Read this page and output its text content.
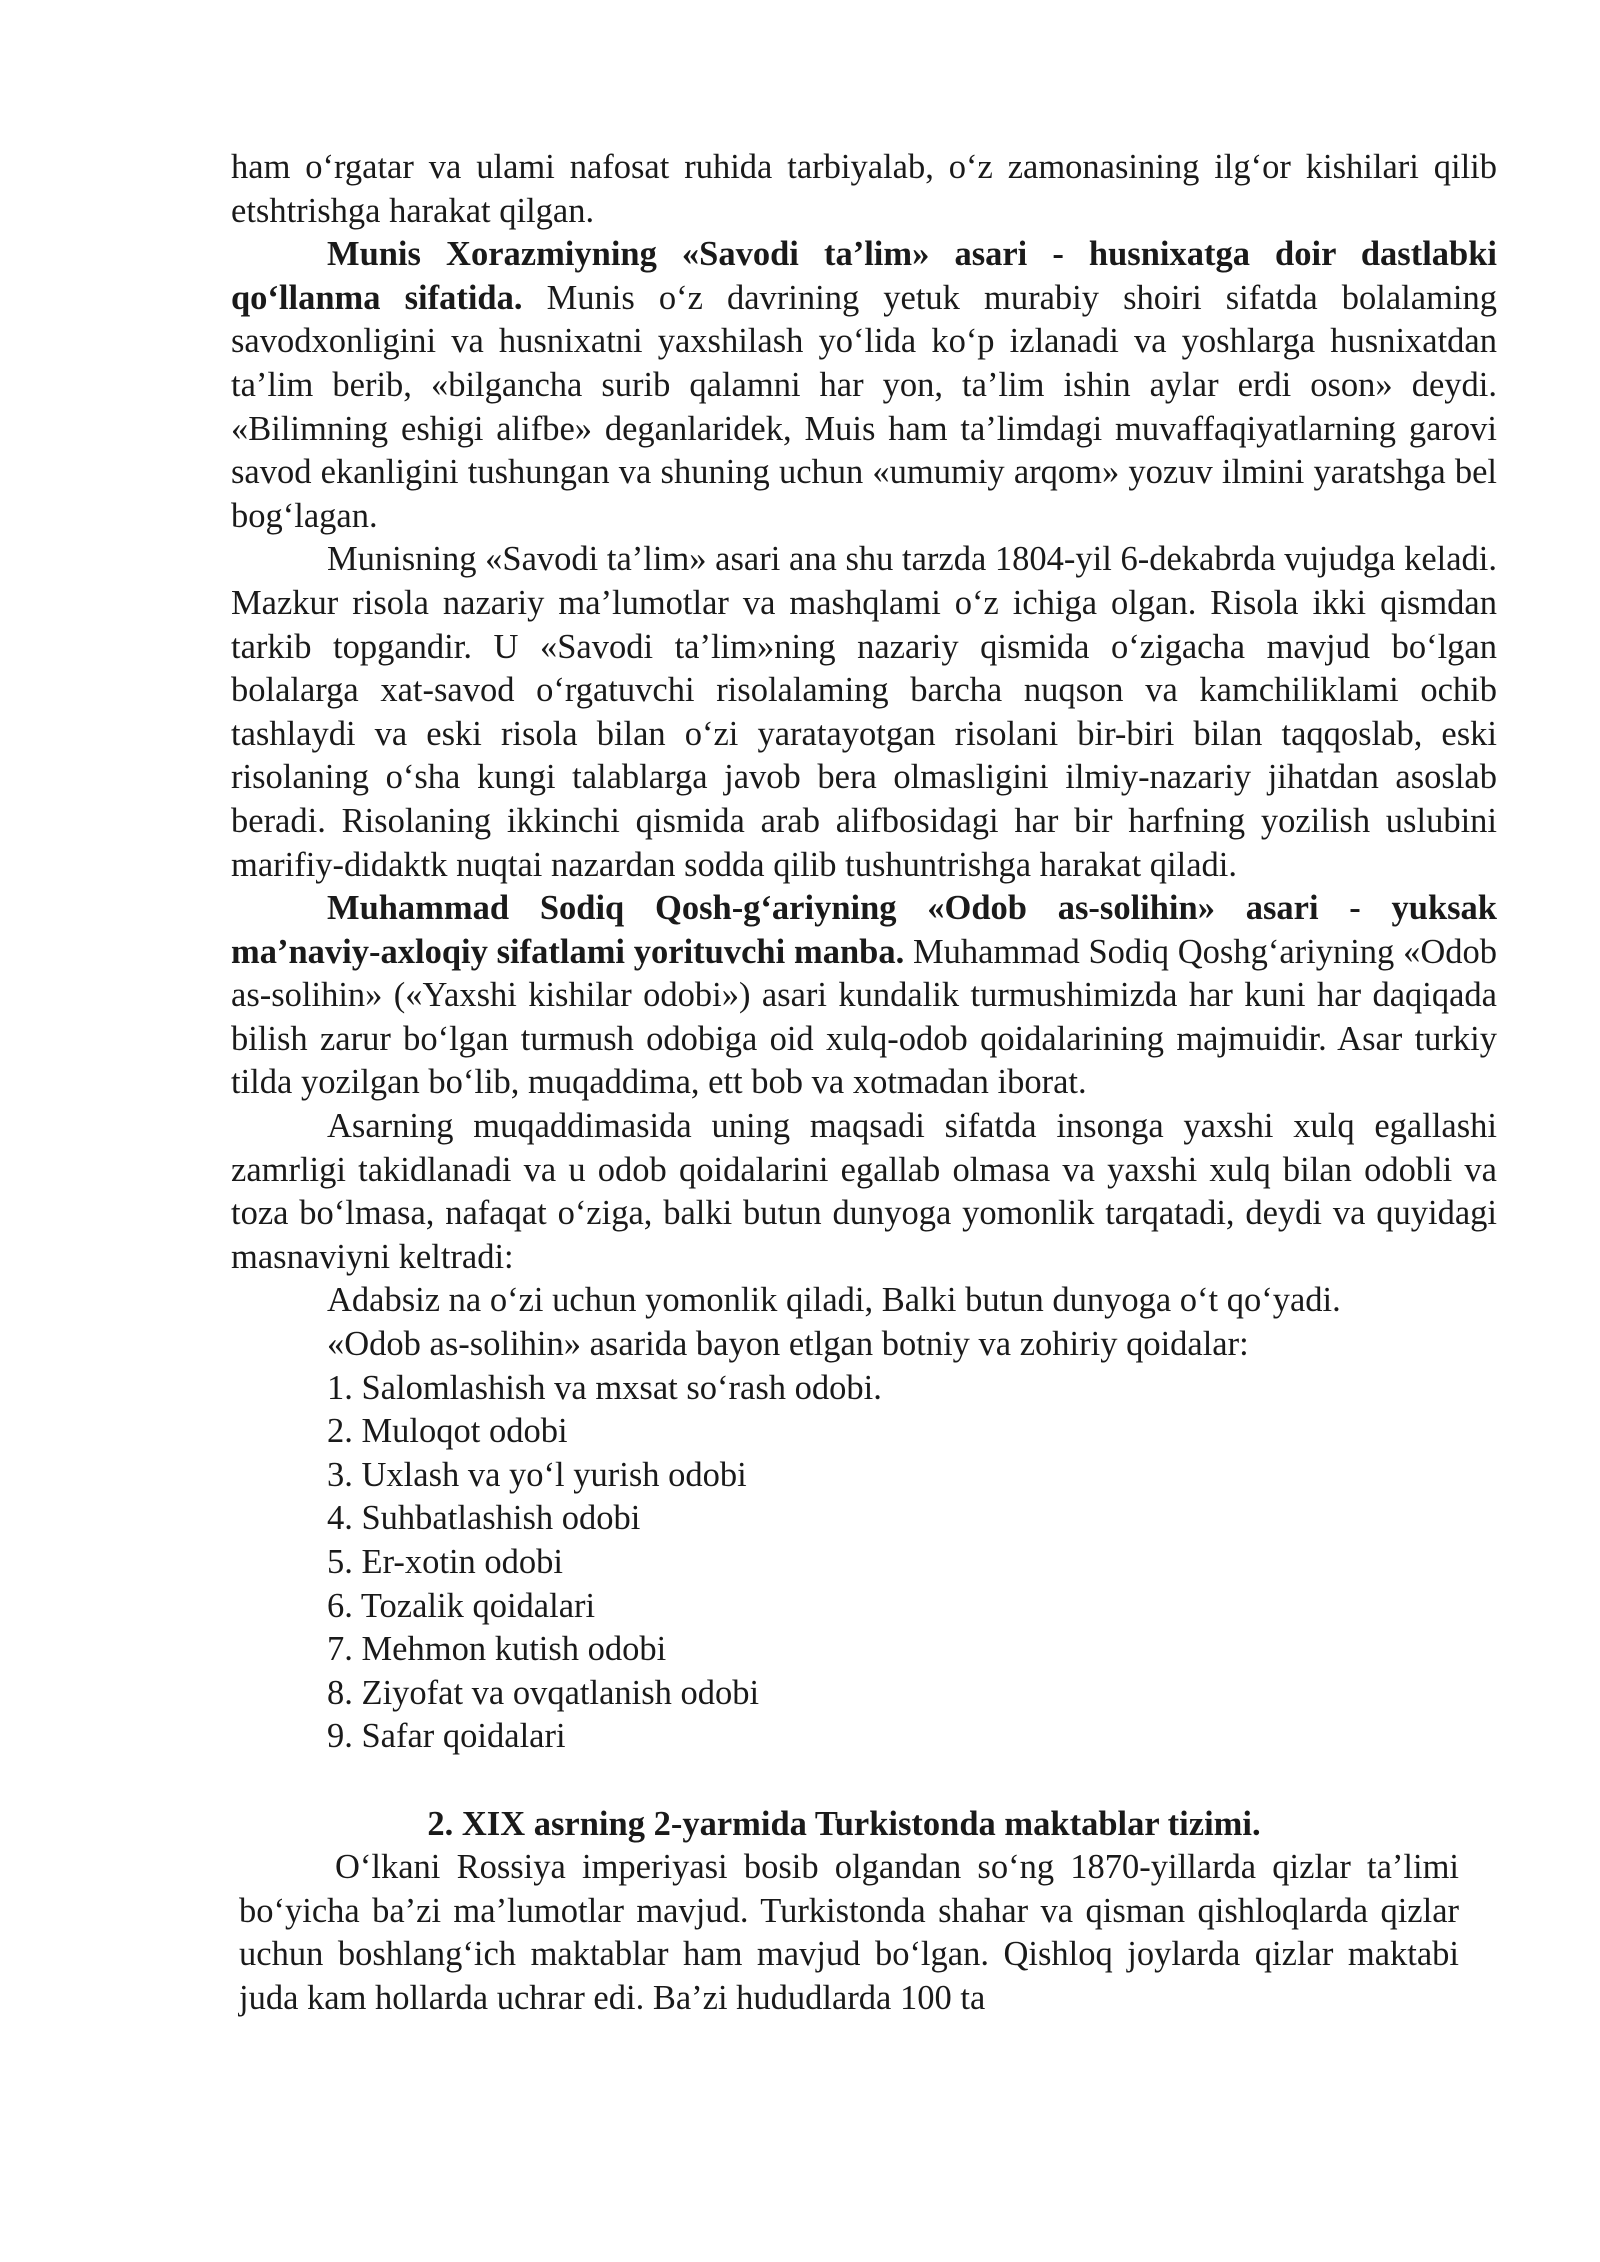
ham o‘rgatar va ulami nafosat ruhida tarbiyalab, o‘z zamonasining ilg‘or kishilari qilib etshtrishga harakat qilgan.

Munis Xorazmiyning «Savodi ta’lim» asari - husnixatga doir dastlabki qo‘llanma sifatida. Munis o‘z davrining yetuk murabiy shoiri sifatda bolalaming savodxonligini va husnixatni yaxshilash yo‘lida ko‘p izlanadi va yoshlarga husnixatdan ta’lim berib, «bilgancha surib qalamni har yon, ta’lim ishin aylar erdi oson» deydi. «Bilimning eshigi alifbe» deganlaridek, Muis ham ta’limdagi muvaffaqiyatlarning garovi savod ekanligini tushungan va shuning uchun «umumiy arqom» yozuv ilmini yaratshga bel bog‘lagan.

Munisning «Savodi ta’lim» asari ana shu tarzda 1804-yil 6-dekabrda vujudga keladi. Mazkur risola nazariy ma’lumotlar va mashqlami o‘z ichiga olgan. Risola ikki qismdan tarkib topgandir. U «Savodi ta’lim»ning nazariy qismida o‘zigacha mavjud bo‘lgan bolalarga xat-savod o‘rgatuvchi risolalaming barcha nuqson va kamchiliklami ochib tashlaydi va eski risola bilan o‘zi yaratayotgan risolani bir-biri bilan taqqoslab, eski risolaning o‘sha kungi talablarga javob bera olmasligini ilmiy-nazariy jihatdan asoslab beradi. Risolaning ikkinchi qismida arab alifbosidagi har bir harfning yozilish uslubini marifiy-didaktk nuqtai nazardan sodda qilib tushuntrishga harakat qiladi.

Muhammad Sodiq Qosh-g‘ariyning «Odob as-solihin» asari - yuksak ma’naviy-axloqiy sifatlami yorituvchi manba. Muhammad Sodiq Qoshg‘ariyning «Odob as-solihin» («Yaxshi kishilar odobi») asari kundalik turmushimizda har kuni har daqiqada bilish zarur bo‘lgan turmush odobiga oid xulq-odob qoidalarining majmuidir. Asar turkiy tilda yozilgan bo‘lib, muqaddima, ett bob va xotmadan iborat.

Asarning muqaddimasida uning maqsadi sifatda insonga yaxshi xulq egallashi zamrligi takidlanadi va u odob qoidalarini egallab olmasa va yaxshi xulq bilan odobli va toza bo‘lmasa, nafaqat o‘ziga, balki butun dunyoga yomonlik tarqatadi, deydi va quyidagi masnaviyni keltradi:

Adabsiz na o‘zi uchun yomonlik qiladi, Balki butun dunyoga o‘t qo‘yadi.

«Odob as-solihin» asarida bayon etlgan botniy va zohiriy qoidalar:

1. Salomlashish va mxsat so‘rash odobi.

2. Muloqot odobi

3. Uxlash va yo‘l yurish odobi

4. Suhbatlashish odobi

5. Er-xotin odobi

6. Tozalik qoidalari

7. Mehmon kutish odobi

8. Ziyofat va ovqatlanish odobi

9. Safar qoidalari

2. XIX asrning 2-yarmida Turkistonda maktablar tizimi.

O‘lkani Rossiya imperiyasi bosib olgandan so‘ng 1870-yillarda qizlar ta’limi bo‘yicha ba’zi ma’lumotlar mavjud. Turkistonda shahar va qisman qishloqlarda qizlar uchun boshlang‘ich maktablar ham mavjud bo‘lgan. Qishloq joylarda qizlar maktabi juda kam hollarda uchrar edi. Ba’zi hududlarda 100 ta
